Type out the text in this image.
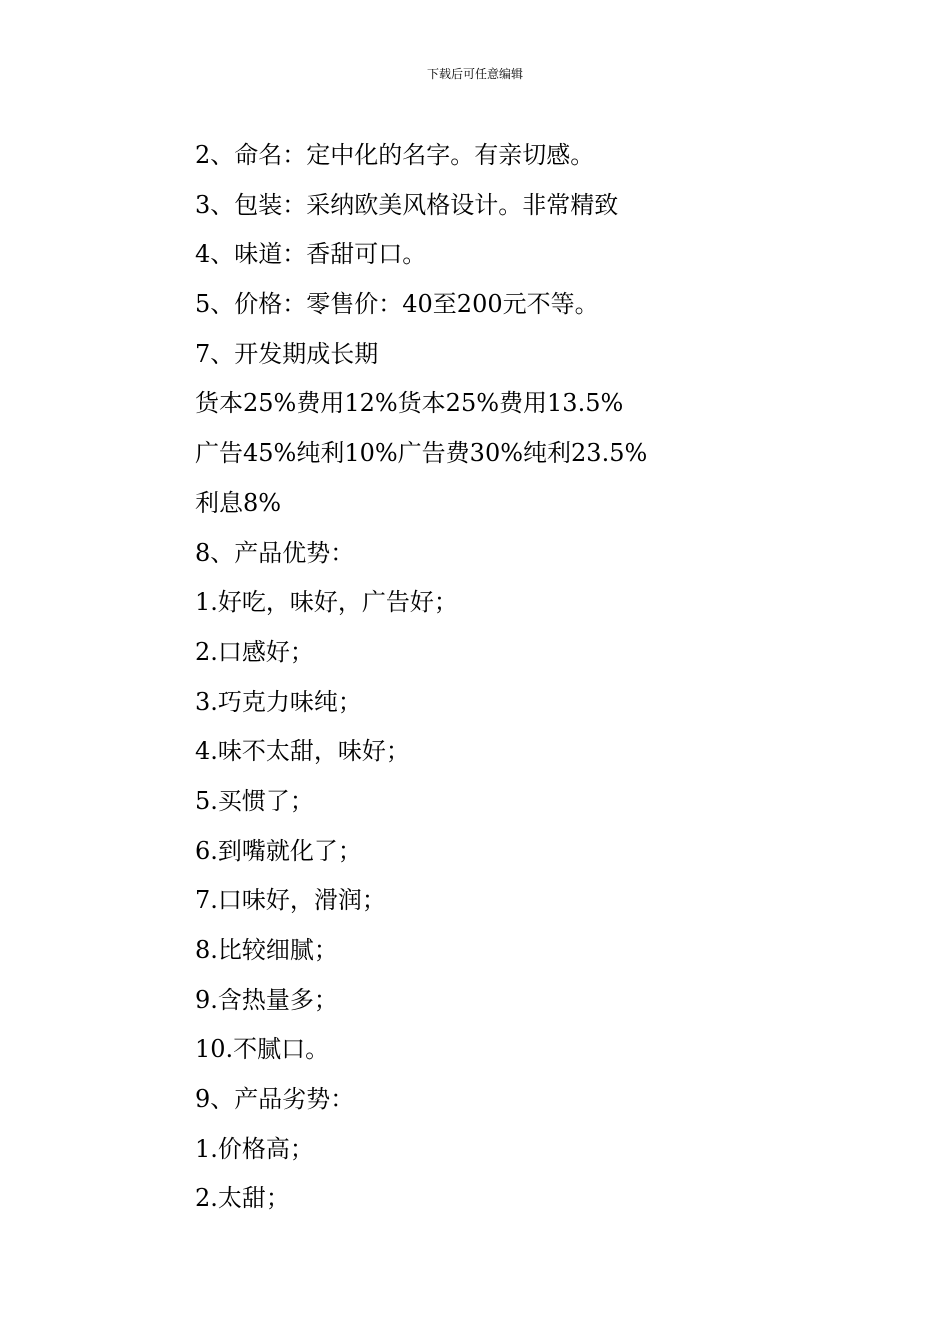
下载后可任意编辑

2、命名：定中化的名字。有亲切感。

3、包装：采纳欧美风格设计。非常精致

4、味道：香甜可口。

5、价格：零售价：40至200元不等。

7、开发期成长期

货本25%费用12%货本25%费用13.5%

广告45%纯利10%广告费30%纯利23.5%

利息8%

8、产品优势：

1.好吃，味好，广告好；

2.口感好；

3.巧克力味纯；

4.味不太甜，味好；

5.买惯了；

6.到嘴就化了；

7.口味好，滑润；

8.比较细腻；

9.含热量多；

10.不腻口。

9、产品劣势：

1.价格高；

2.太甜；
